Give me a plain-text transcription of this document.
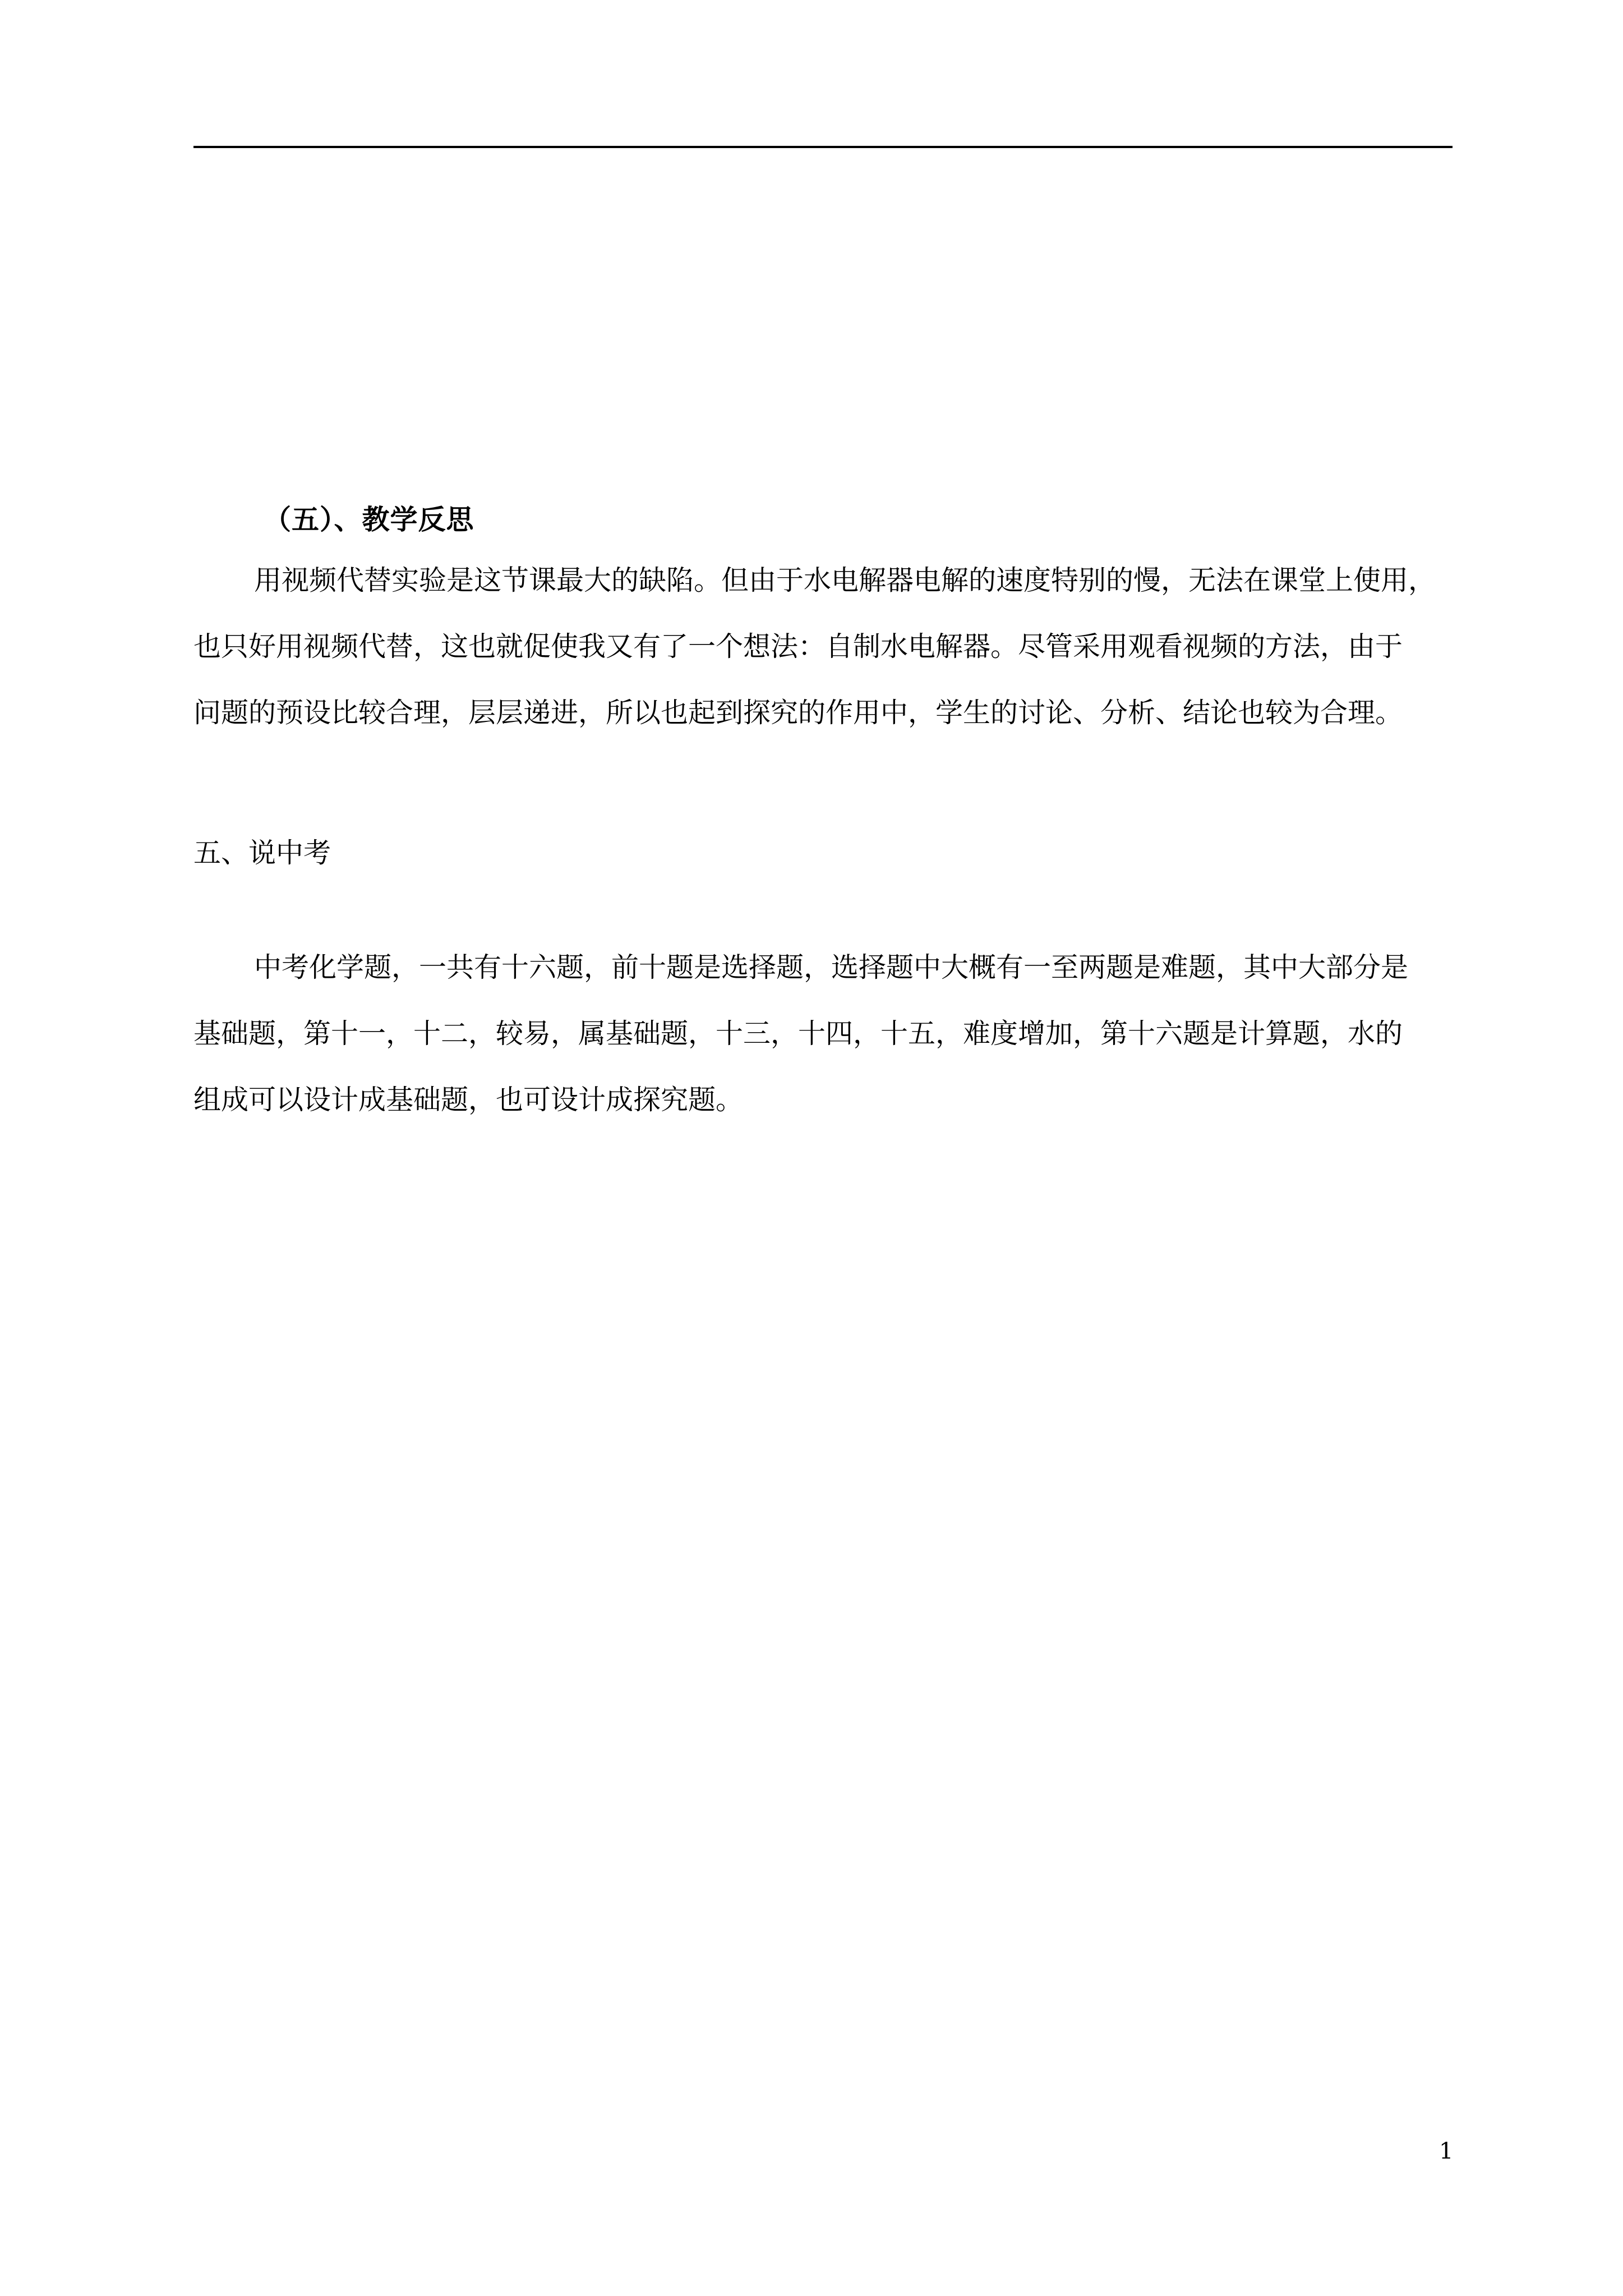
（五）、教学反思
用视频代替实验是这节课最大的缺陷。但由于水电解器电解的速度特别的慢，无法在课堂上使用，
也只好用视频代替，这也就促使我又有了一个想法：自制水电解器。尽管采用观看视频的方法，由于
问题的预设比较合理，层层递进，所以也起到探究的作用中，学生的讨论、分析、结论也较为合理。
五、说中考
中考化学题，一共有十六题，前十题是选择题，选择题中大概有一至两题是难题，其中大部分是
基础题，第十一，十二，较易，属基础题，十三，十四，十五，难度增加，第十六题是计算题，水的
组成可以设计成基础题，也可设计成探究题。
1
